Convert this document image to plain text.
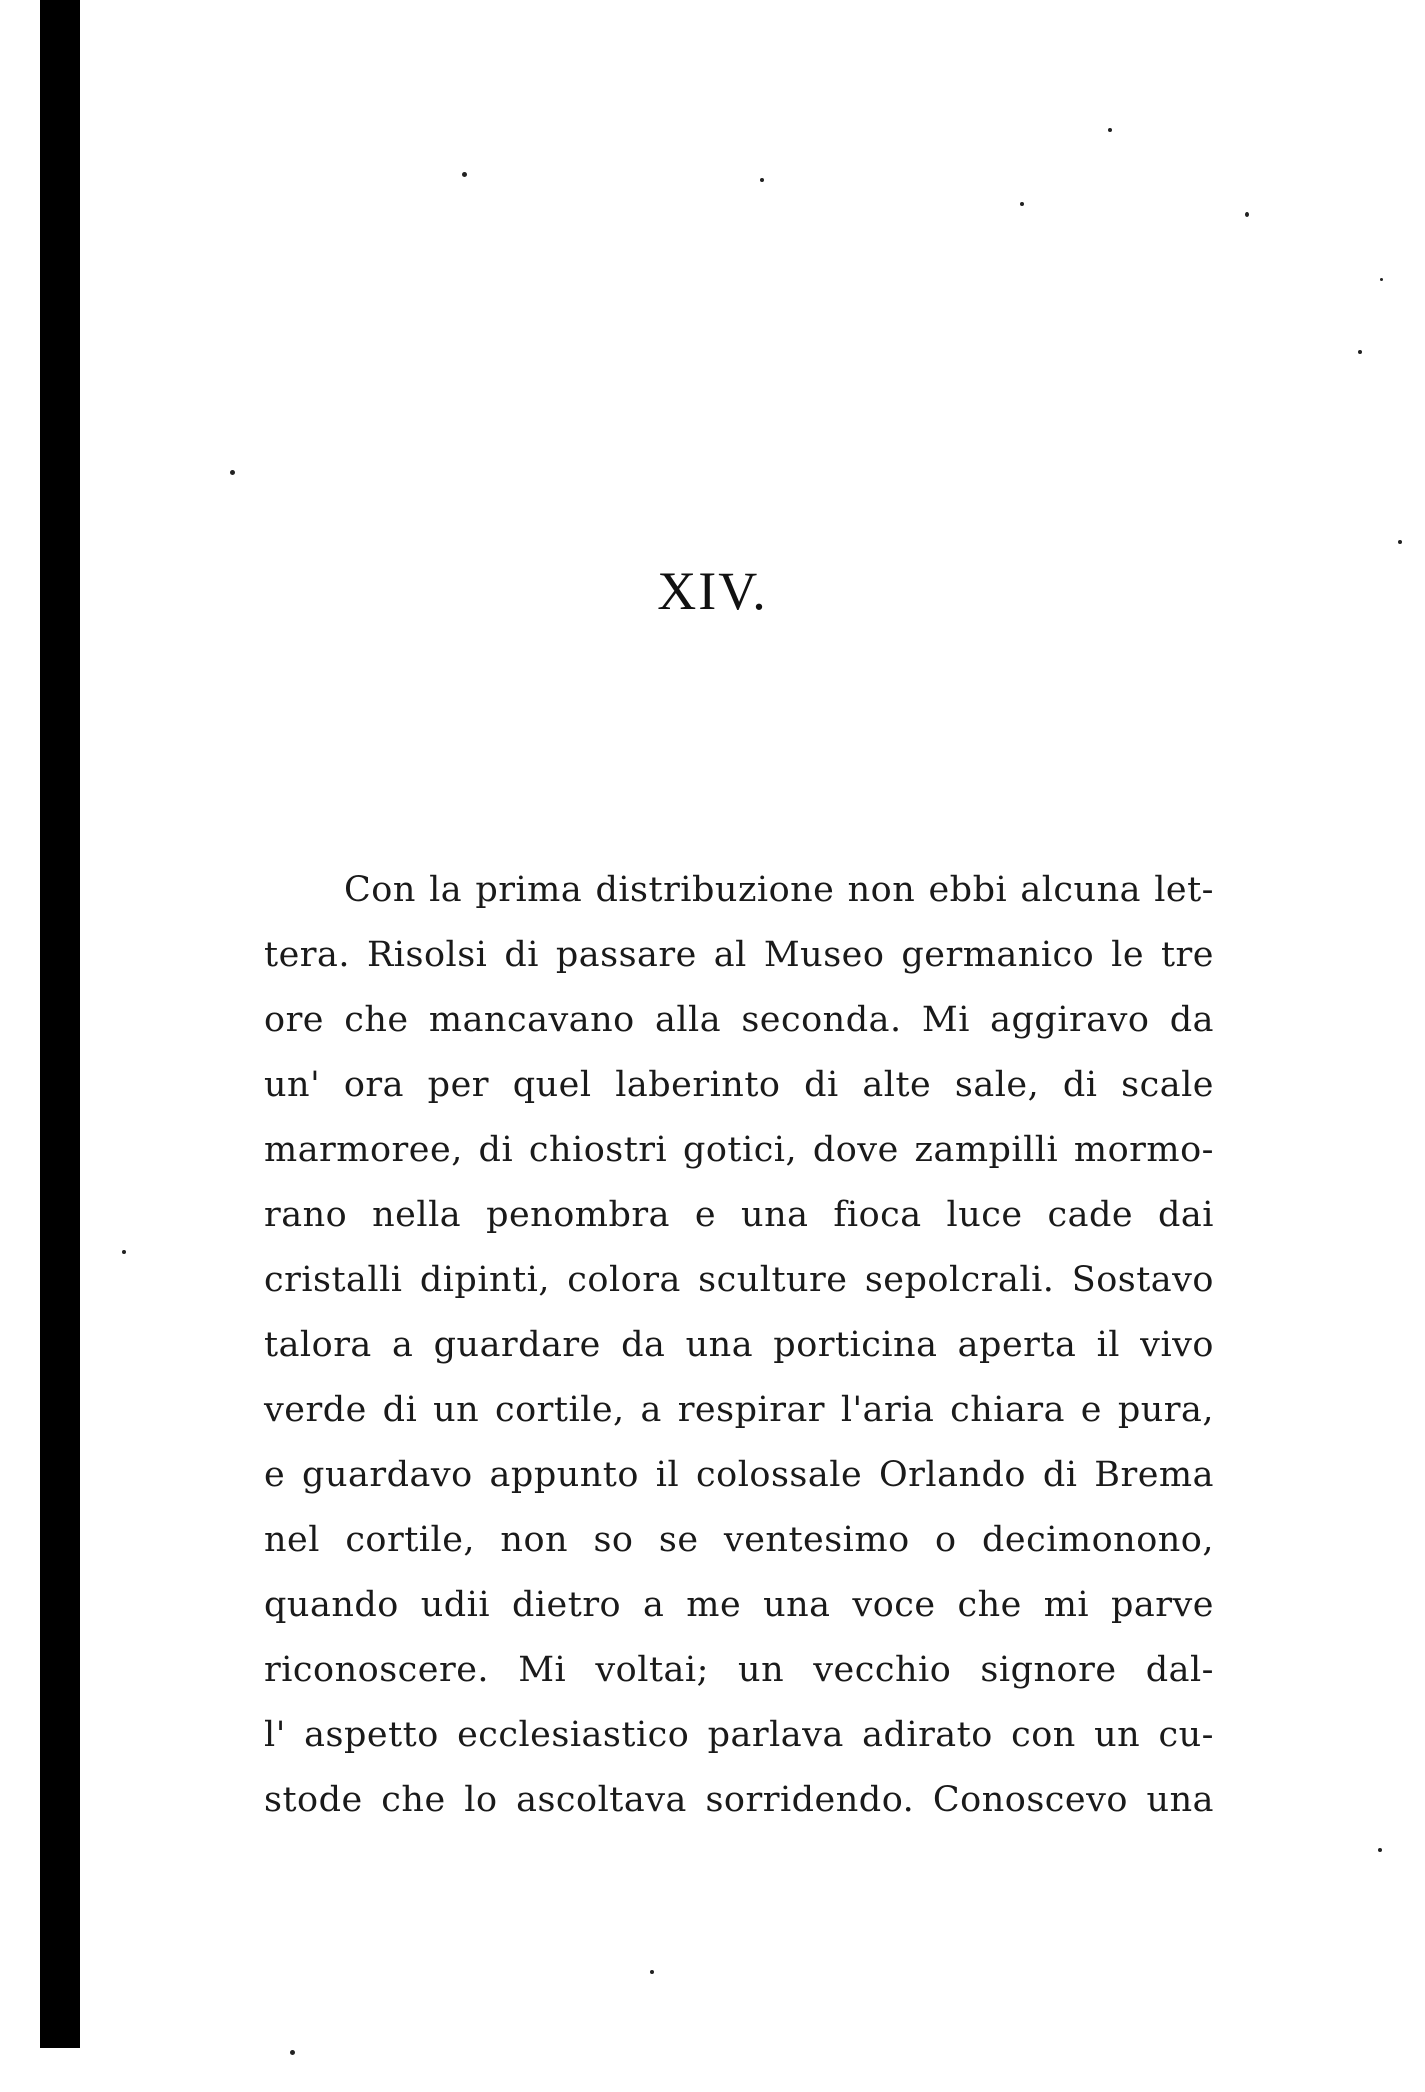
XIV.
Con la prima distribuzione non ebbi alcuna let-
tera. Risolsi di passare al Museo germanico le tre
ore che mancavano alla seconda. Mi aggiravo da
un' ora per quel laberinto di alte sale, di scale
marmoree, di chiostri gotici, dove zampilli mormo-
rano nella penombra e una fioca luce cade dai
cristalli dipinti, colora sculture sepolcrali. Sostavo
talora a guardare da una porticina aperta il vivo
verde di un cortile, a respirar l'aria chiara e pura,
e guardavo appunto il colossale Orlando di Brema
nel cortile, non so se ventesimo o decimonono,
quando udii dietro a me una voce che mi parve
riconoscere. Mi voltai; un vecchio signore dal-
l' aspetto ecclesiastico parlava adirato con un cu-
stode che lo ascoltava sorridendo. Conoscevo una
